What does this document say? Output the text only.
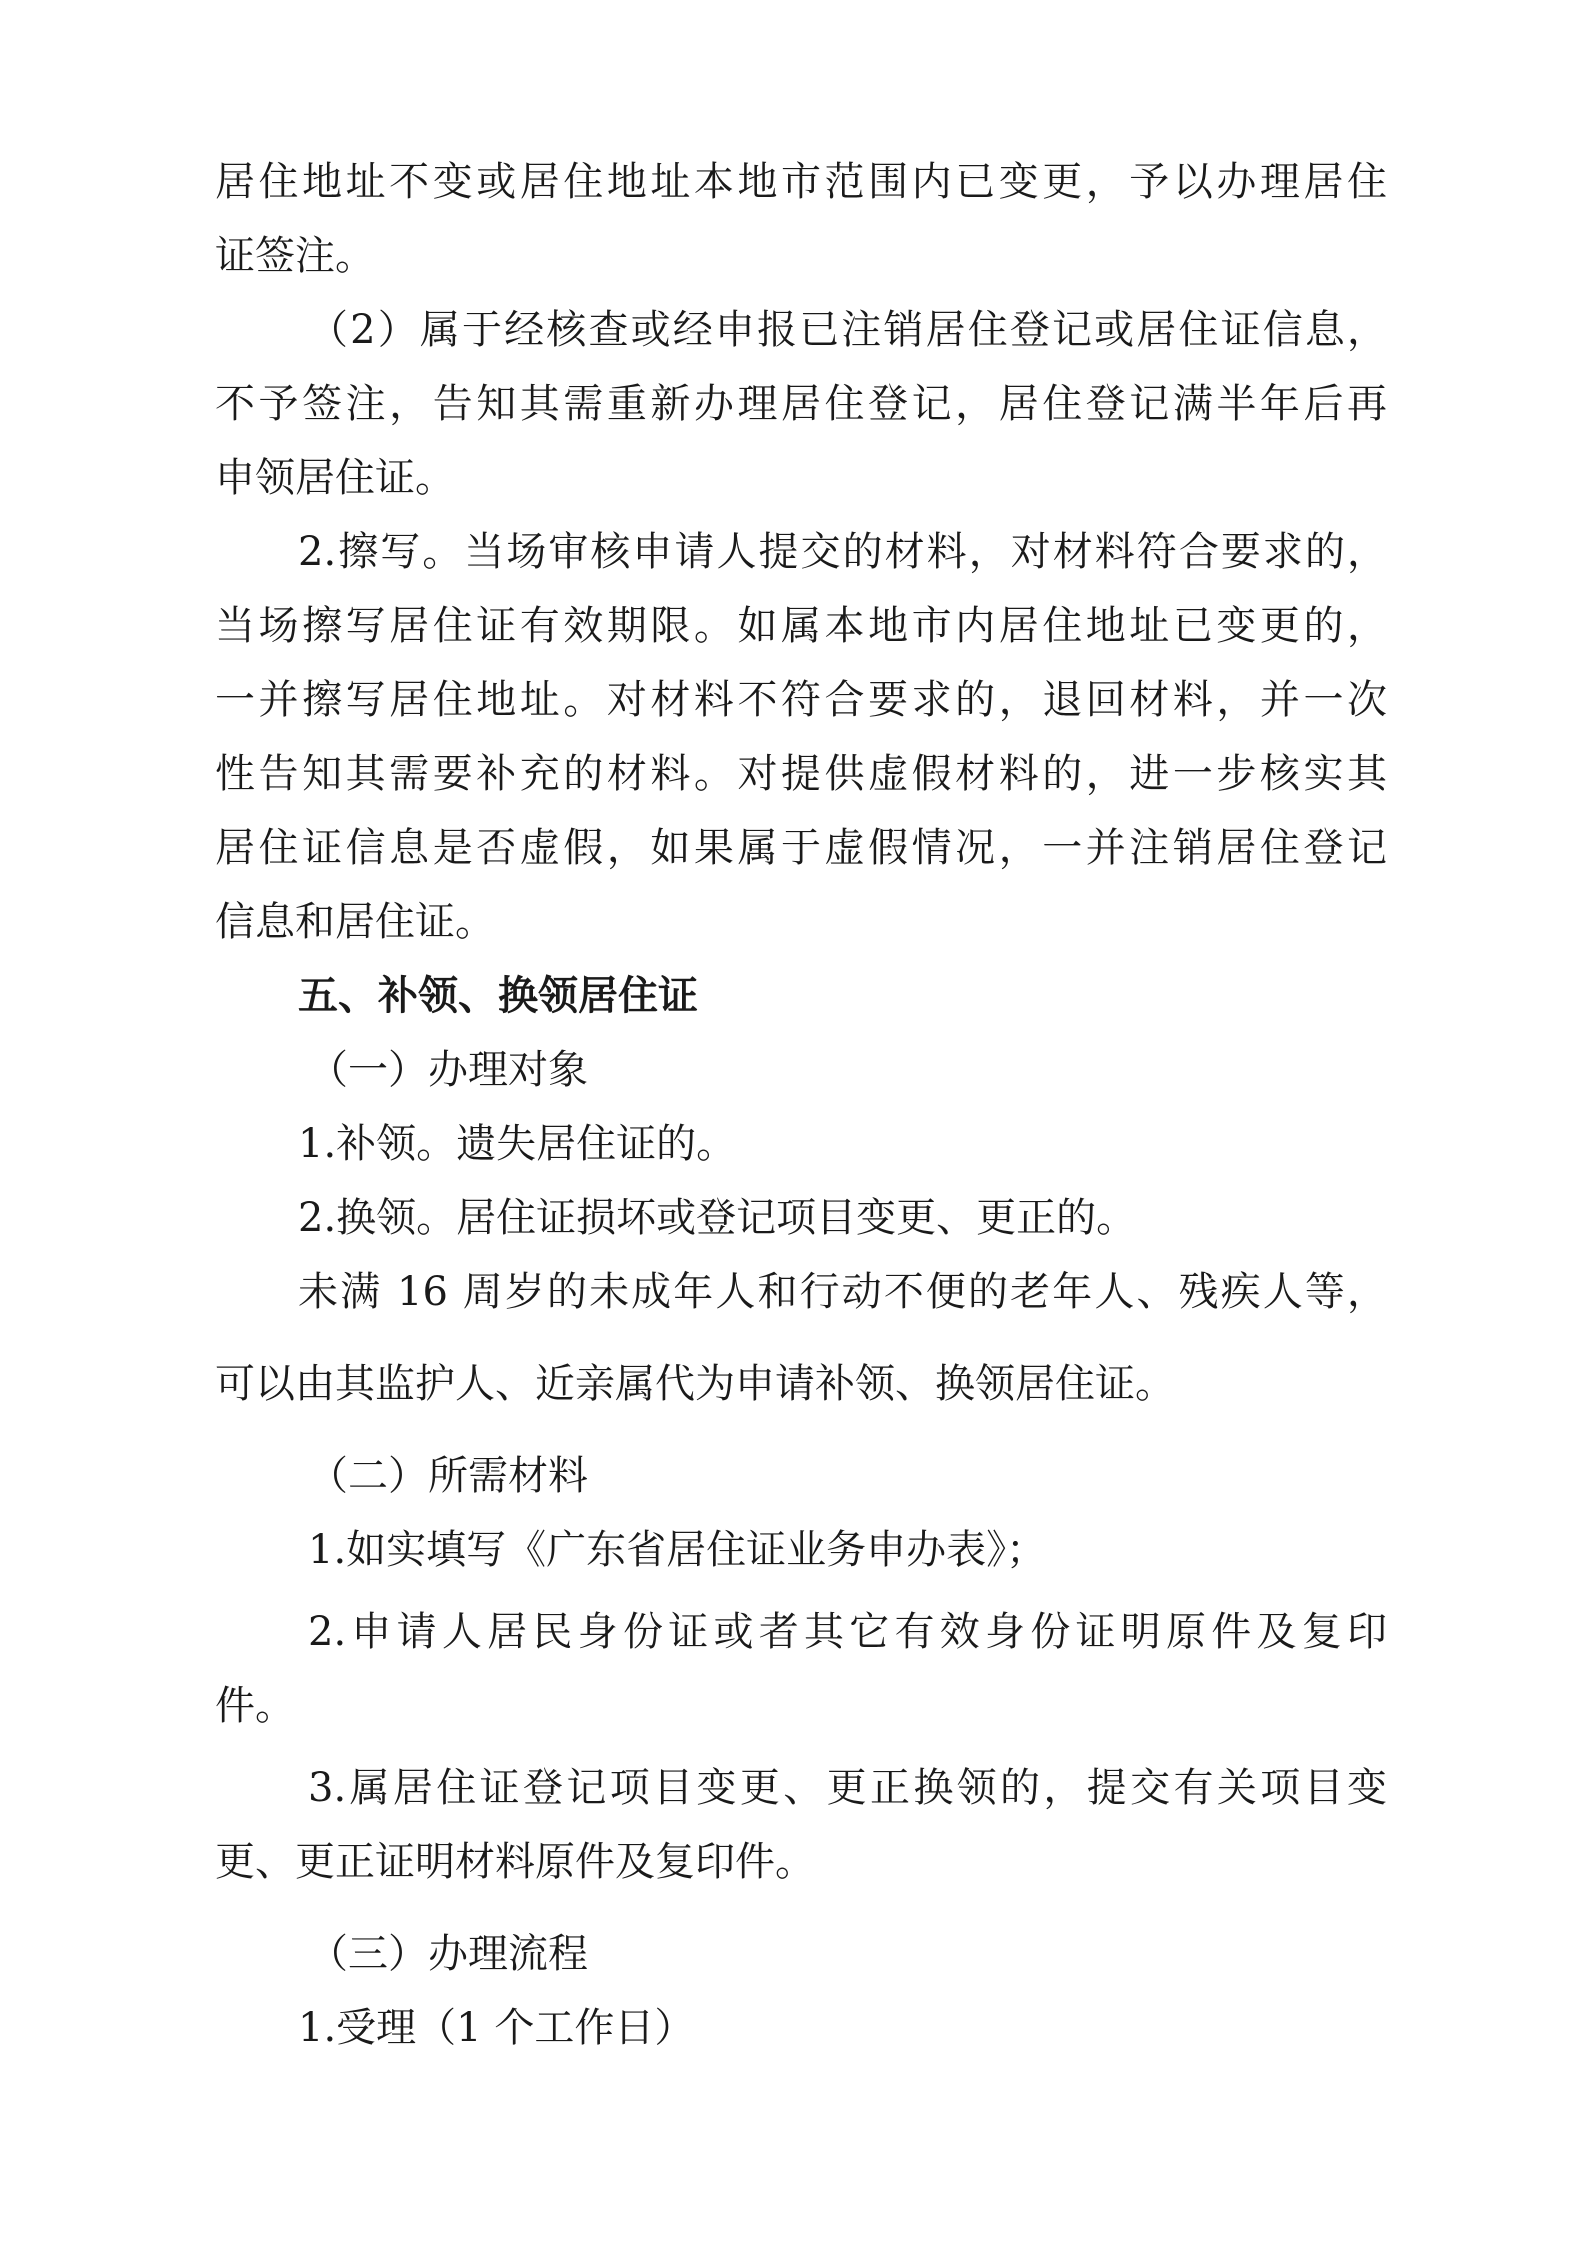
居住地址不变或居住地址本地市范围内已变更，予以办理居住
证签注。
（2）属于经核查或经申报已注销居住登记或居住证信息，
不予签注，告知其需重新办理居住登记，居住登记满半年后再
申领居住证。
2.擦写。当场审核申请人提交的材料，对材料符合要求的，
当场擦写居住证有效期限。如属本地市内居住地址已变更的，
一并擦写居住地址。对材料不符合要求的，退回材料，并一次
性告知其需要补充的材料。对提供虚假材料的，进一步核实其
居住证信息是否虚假，如果属于虚假情况，一并注销居住登记
信息和居住证。
五、补领、换领居住证
（一）办理对象
1.补领。遗失居住证的。
2.换领。居住证损坏或登记项目变更、更正的。
未满 16 周岁的未成年人和行动不便的老年人、残疾人等，
可以由其监护人、近亲属代为申请补领、换领居住证。
（二）所需材料
1.如实填写《广东省居住证业务申办表》；
2.申请人居民身份证或者其它有效身份证明原件及复印
件。
3.属居住证登记项目变更、更正换领的，提交有关项目变
更、更正证明材料原件及复印件。
（三）办理流程
1.受理（1 个工作日）
